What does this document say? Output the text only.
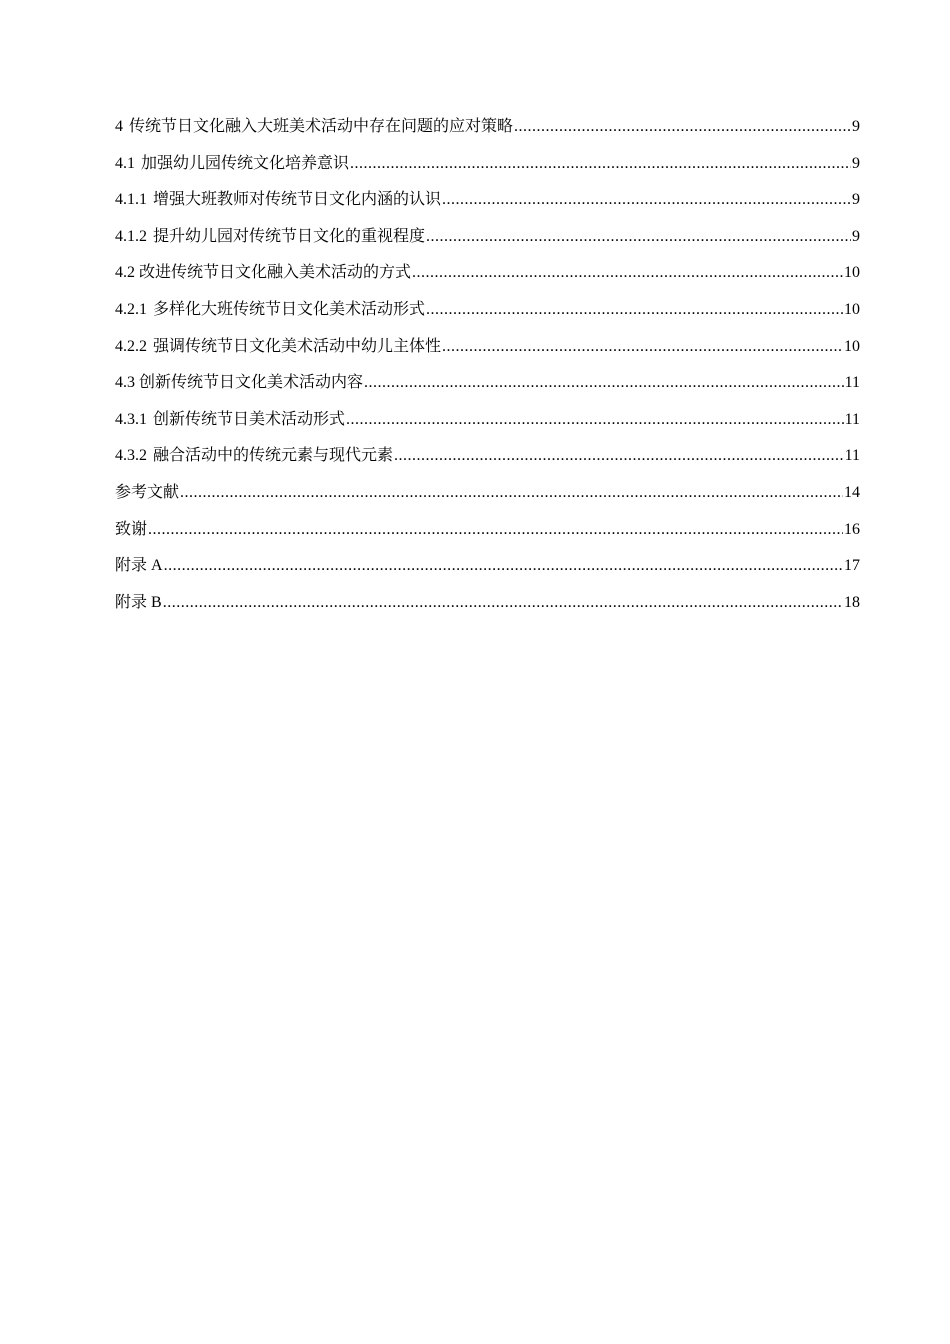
4 传统节日文化融入大班美术活动中存在问题的应对策略 .....	9
4.1 加强幼儿园传统文化培养意识 .....	9
4.1.1 增强大班教师对传统节日文化内涵的认识 .....	9
4.1.2 提升幼儿园对传统节日文化的重视程度 .....	9
4.2 改进传统节日文化融入美术活动的方式 .....	10
4.2.1 多样化大班传统节日文化美术活动形式 .....	10
4.2.2 强调传统节日文化美术活动中幼儿主体性 .....	10
4.3 创新传统节日文化美术活动内容 .....	11
4.3.1 创新传统节日美术活动形式 .....	11
4.3.2 融合活动中的传统元素与现代元素 .....	11
参考文献 .....	14
致谢 .....	16
附录 A .....	17
附录 B .....	18
